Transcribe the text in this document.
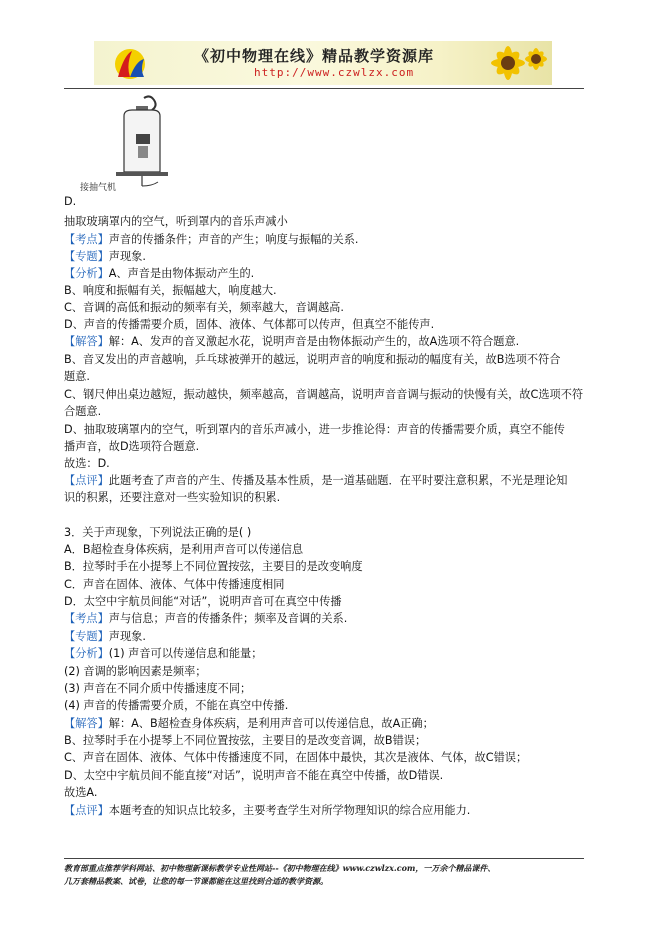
《初中物理在线》精品教学资源库
http://www.czwlzx.com
接抽气机
D.
抽取玻璃罩内的空气，听到罩内的音乐声减小
【考点】声音的传播条件；声音的产生；响度与振幅的关系.
【专题】声现象.
【分析】A、声音是由物体振动产生的.
B、响度和振幅有关，振幅越大，响度越大.
C、音调的高低和振动的频率有关，频率越大，音调越高.
D、声音的传播需要介质，固体、液体、气体都可以传声，但真空不能传声.
【解答】解：A、发声的音叉激起水花，说明声音是由物体振动产生的，故A选项不符合题意.
B、音叉发出的声音越响，乒乓球被弹开的越远，说明声音的响度和振动的幅度有关，故B选项不符合
题意.
C、钢尺伸出桌边越短，振动越快，频率越高，音调越高，说明声音音调与振动的快慢有关，故C选项不符
合题意.
D、抽取玻璃罩内的空气，听到罩内的音乐声减小，进一步推论得：声音的传播需要介质，真空不能传
播声音，故D选项符合题意.
故选：D.
【点评】此题考查了声音的产生、传播及基本性质，是一道基础题．在平时要注意积累，不光是理论知
识的积累，还要注意对一些实验知识的积累.
3．关于声现象，下列说法正确的是( )
A．B超检查身体疾病，是利用声音可以传递信息
B．拉琴时手在小提琴上不同位置按弦，主要目的是改变响度
C．声音在固体、液体、气体中传播速度相同
D．太空中宇航员间能“对话”，说明声音可在真空中传播
【考点】声与信息；声音的传播条件；频率及音调的关系.
【专题】声现象.
【分析】(1) 声音可以传递信息和能量；
(2) 音调的影响因素是频率；
(3) 声音在不同介质中传播速度不同；
(4) 声音的传播需要介质，不能在真空中传播.
【解答】解：A、B超检查身体疾病，是利用声音可以传递信息，故A正确；
B、拉琴时手在小提琴上不同位置按弦，主要目的是改变音调，故B错误；
C、声音在固体、液体、气体中传播速度不同，在固体中最快，其次是液体、气体，故C错误；
D、太空中宇航员间不能直接“对话”，说明声音不能在真空中传播，故D错误.
故选A.
【点评】本题考查的知识点比较多，主要考查学生对所学物理知识的综合应用能力.
教育部重点推荐学科网站、初中物理新课标教学专业性网站--《初中物理在线》www.czwlzx.com，一万余个精品课件、
几万套精品教案、试卷，让您的每一节课都能在这里找到合适的教学资源。
